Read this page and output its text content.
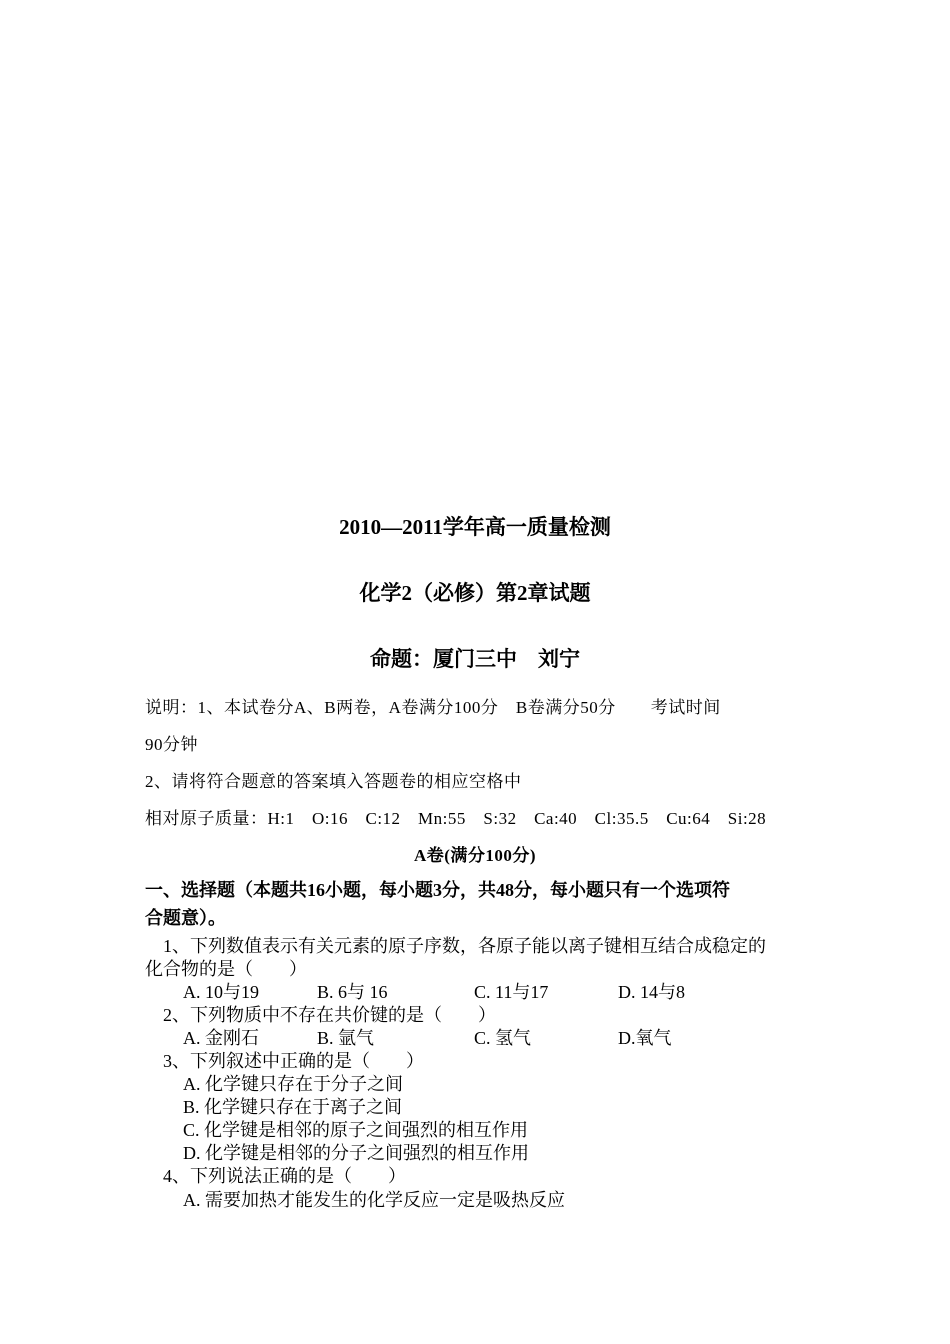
2010—2011学年高一质量检测
化学2（必修）第2章试题
命题：厦门三中　刘宁
说明：1、本试卷分A、B两卷，A卷满分100分　B卷满分50分　　考试时间
90分钟
2、请将符合题意的答案填入答题卷的相应空格中
相对原子质量：H:1　O:16　C:12　Mn:55　S:32　Ca:40　Cl:35.5　Cu:64　Si:28
A卷(满分100分)
一、选择题（本题共16小题，每小题3分，共48分，每小题只有一个选项符
合题意）。
1、下列数值表示有关元素的原子序数，各原子能以离子键相互结合成稳定的
化合物的是（　　）
A. 10与19	B. 6与 16	C. 11与17	D. 14与8
2、下列物质中不存在共价键的是（　　）
A. 金刚石	B. 氩气	C. 氢气	D.氧气
3、下列叙述中正确的是（　　）
A. 化学键只存在于分子之间
B. 化学键只存在于离子之间
C. 化学键是相邻的原子之间强烈的相互作用
D. 化学键是相邻的分子之间强烈的相互作用
4、下列说法正确的是（　　）
A. 需要加热才能发生的化学反应一定是吸热反应
